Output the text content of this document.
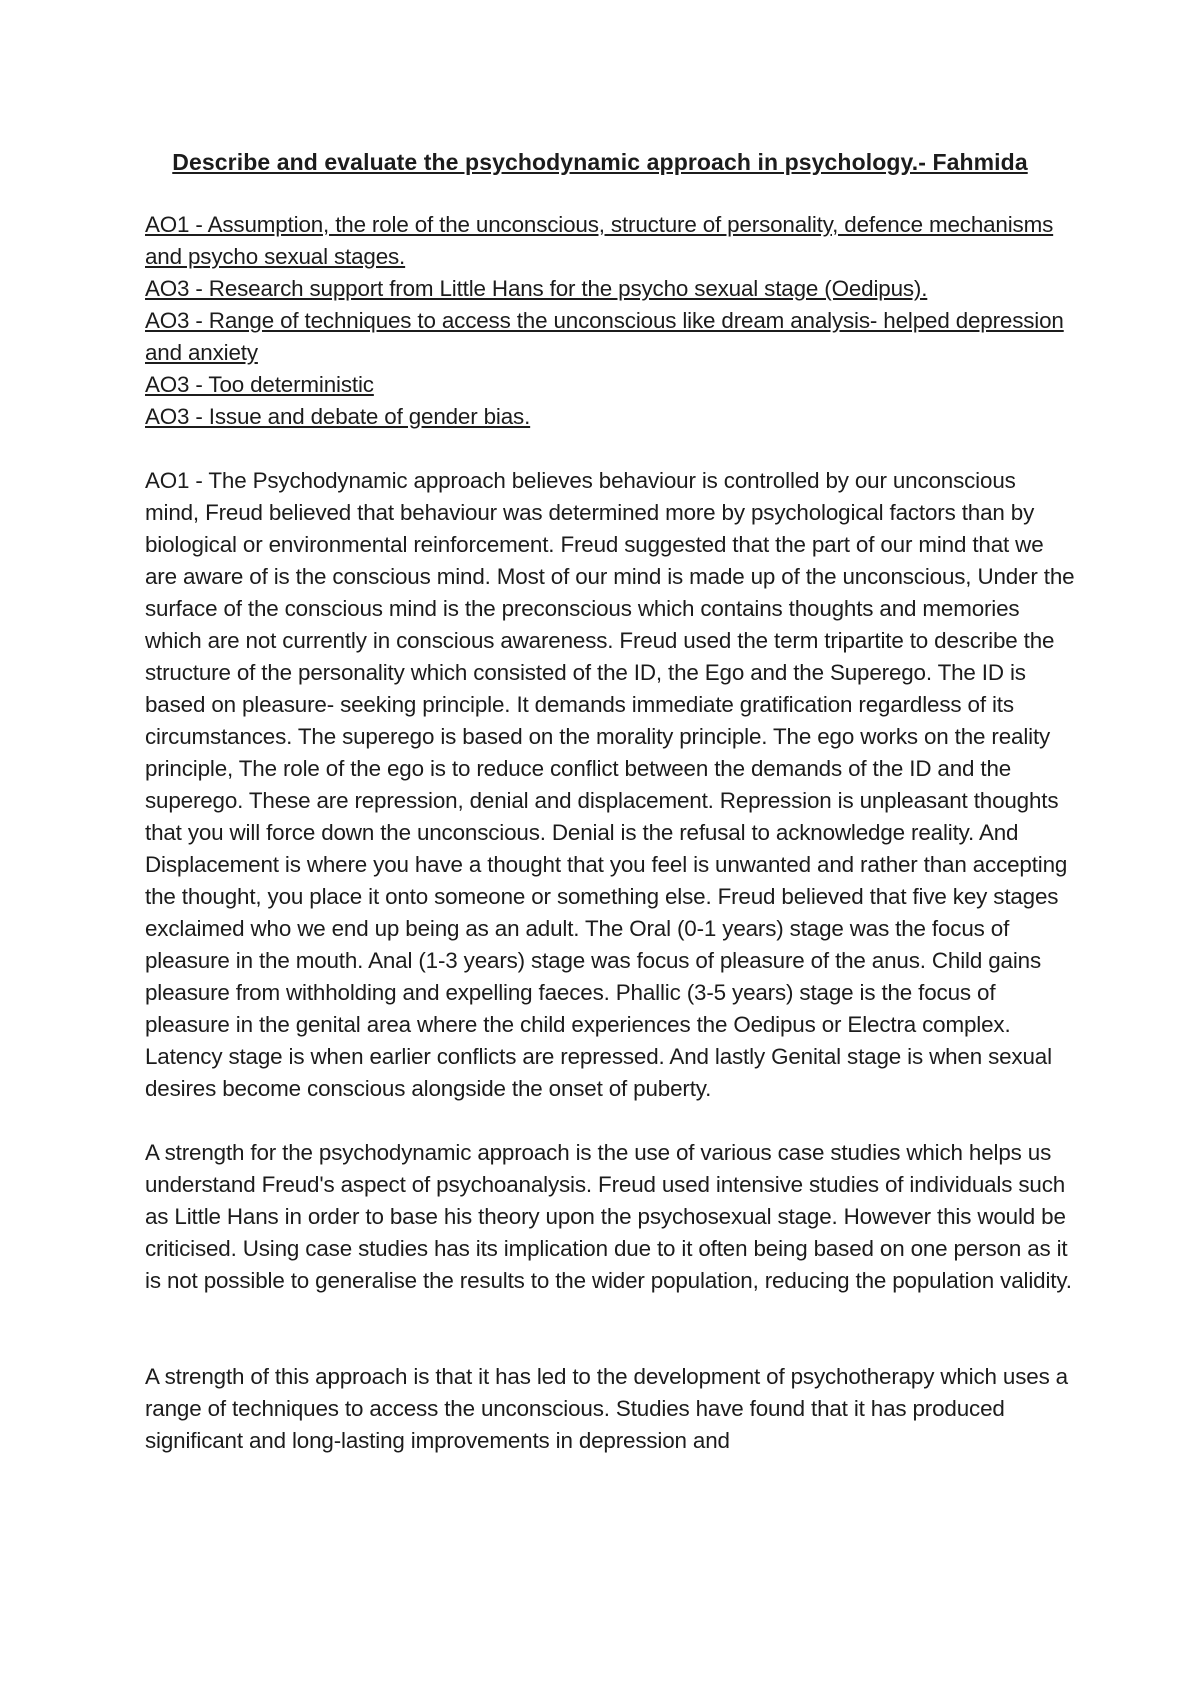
Describe and evaluate the psychodynamic approach in psychology.- Fahmida
AO1 - Assumption, the role of the unconscious, structure of personality, defence mechanisms and psycho sexual stages.
AO3 - Research support from Little Hans for the psycho sexual stage (Oedipus).
AO3 - Range of techniques to access the unconscious like dream analysis- helped depression and anxiety
AO3 - Too deterministic
AO3 - Issue and debate of gender bias.

AO1 - The Psychodynamic approach believes behaviour is controlled by our unconscious mind, Freud believed that behaviour was determined more by psychological factors than by biological or environmental reinforcement. Freud suggested that the part of our mind that we are aware of is the conscious mind. Most of our mind is made up of the unconscious, Under the surface of the conscious mind is the preconscious which contains thoughts and memories which are not currently in conscious awareness. Freud used the term tripartite to describe the structure of the personality which consisted of the ID, the Ego and the Superego. The ID is based on pleasure- seeking principle. It demands immediate gratification regardless of its circumstances. The superego is based on the morality principle. The ego works on the reality principle, The role of the ego is to reduce conflict between the demands of the ID and the superego. These are repression, denial and displacement. Repression is unpleasant thoughts that you will force down the unconscious. Denial is the refusal to acknowledge reality. And Displacement is where you have a thought that you feel is unwanted and rather than accepting the thought, you place it onto someone or something else. Freud believed that five key stages exclaimed who we end up being as an adult. The Oral (0-1 years) stage was the focus of pleasure in the mouth. Anal (1-3 years) stage was focus of pleasure of the anus. Child gains pleasure from withholding and expelling faeces. Phallic (3-5 years) stage is the focus of pleasure in the genital area where the child experiences the Oedipus or Electra complex. Latency stage is when earlier conflicts are repressed. And lastly Genital stage is when sexual desires become conscious alongside the onset of puberty.

A strength for the psychodynamic approach is the use of various case studies which helps us understand Freud's aspect of psychoanalysis. Freud used intensive studies of individuals such as Little Hans in order to base his theory upon the psychosexual stage. However this would be criticised. Using case studies has its implication due to it often being based on one person as it is not possible to generalise the results to the wider population, reducing the population validity.

A strength of this approach is that it has led to the development of psychotherapy which uses a range of techniques to access the unconscious. Studies have found that it has produced significant and long-lasting improvements in depression and
